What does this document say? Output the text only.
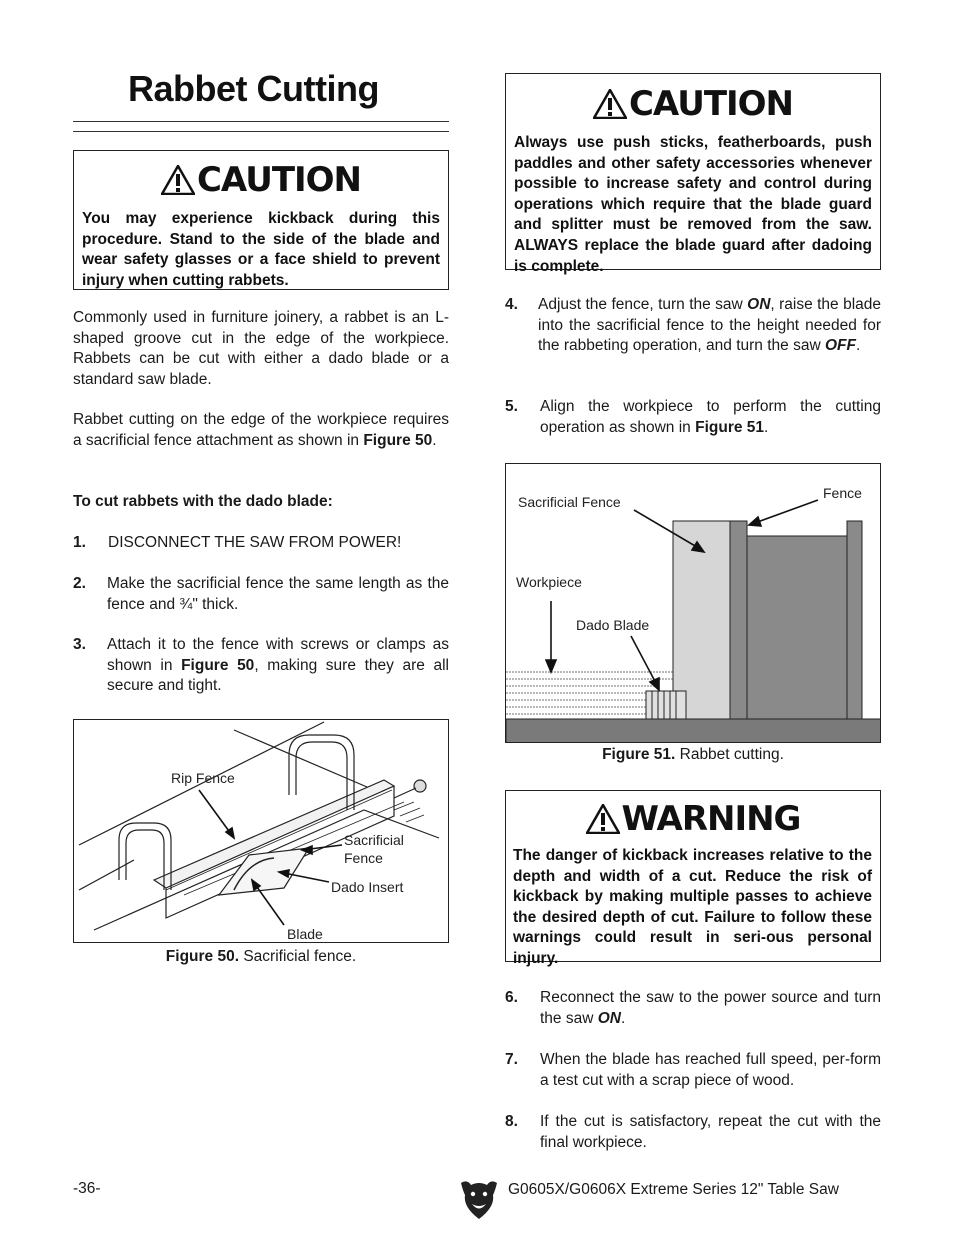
Rabbet Cutting
CAUTION
You may experience kickback during this procedure. Stand to the side of the blade and wear safety glasses or a face shield to prevent injury when cutting rabbets.
Commonly used in furniture joinery, a rabbet is an L-shaped groove cut in the edge of the workpiece. Rabbets can be cut with either a dado blade or a standard saw blade.
Rabbet cutting on the edge of the workpiece requires a sacrificial fence attachment as shown in Figure 50.
To cut rabbets with the dado blade:
1.	DISCONNECT THE SAW FROM POWER!
2.	Make the sacrificial fence the same length as the fence and ¾" thick.
3.	Attach it to the fence with screws or clamps as shown in Figure 50, making sure they are all secure and tight.
Rip Fence
Sacrificial
Fence
Dado Insert
Blade
Figure 50. Sacrificial fence.
CAUTION
Always use push sticks, featherboards, push paddles and other safety accessories whenever possible to increase safety and control during operations which require that the blade guard and splitter must be removed from the saw. ALWAYS replace the blade guard after dadoing is complete.
4.	Adjust the fence, turn the saw ON, raise the blade into the sacrificial fence to the height needed for the rabbeting operation, and turn the saw OFF.
5.	Align the workpiece to perform the cutting operation as shown in Figure 51.
Sacrificial Fence
Fence
Workpiece
Dado Blade
Figure 51. Rabbet cutting.
WARNING
The danger of kickback increases relative to the depth and width of a cut. Reduce the risk of kickback by making multiple passes to achieve the desired depth of cut. Failure to follow these warnings could result in seri-ous personal injury.
6.	Reconnect the saw to the power source and turn the saw ON.
7.	When the blade has reached full speed, per-form a test cut with a scrap piece of wood.
8.	If the cut is satisfactory, repeat the cut with the final workpiece.
-36-	G0605X/G0606X Extreme Series 12" Table Saw
